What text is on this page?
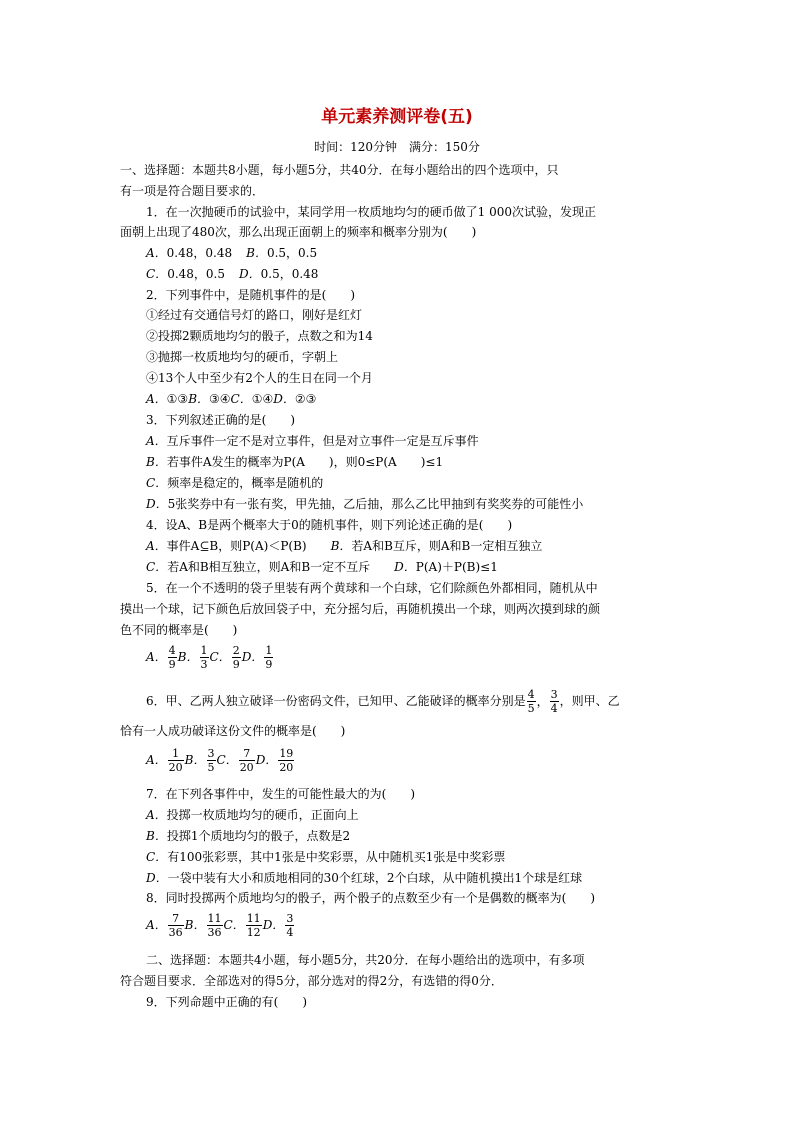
单元素养测评卷(五)
时间：120分钟　满分：150分
一、选择题：本题共8小题，每小题5分，共40分．在每小题给出的四个选项中，只
有一项是符合题目要求的．
1．在一次抛硬币的试验中，某同学用一枚质地均匀的硬币做了1 000次试验，发现正
面朝上出现了480次，那么出现正面朝上的频率和概率分别为(　　)
A．0.48，0.48 B．0.5，0.5
C．0.48，0.5 D．0.5，0.48
2．下列事件中，是随机事件的是(　　)
①经过有交通信号灯的路口，刚好是红灯
②投掷2颗质地均匀的骰子，点数之和为14
③抛掷一枚质地均匀的硬币，字朝上
④13个人中至少有2个人的生日在同一个月
A．①③B．③④C．①④D．②③
3．下列叙述正确的是(　　)
A．互斥事件一定不是对立事件，但是对立事件一定是互斥事件
B．若事件A发生的概率为P(A　　)，则0≤P(A　　)≤1
C．频率是稳定的，概率是随机的
D．5张奖券中有一张有奖，甲先抽，乙后抽，那么乙比甲抽到有奖奖券的可能性小
4．设A、B是两个概率大于0的随机事件，则下列论述正确的是(　　)
A．事件A⊆B，则P(A)＜P(B) B．若A和B互斥，则A和B一定相互独立
C．若A和B相互独立，则A和B一定不互斥 D．P(A)＋P(B)≤1
5．在一个不透明的袋子里装有两个黄球和一个白球，它们除颜色外都相同，随机从中
摸出一个球，记下颜色后放回袋子中，充分摇匀后，再随机摸出一个球，则两次摸到球的颜
色不同的概率是(　　)
A． $\frac{4}{9}$ B． $\frac{1}{3}$ C． $\frac{2}{9}$ D． $\frac{1}{9}$
6．甲、乙两人独立破译一份密码文件，已知甲、乙能破译的概率分别是 $\frac{4}{5}$ ， $\frac{3}{4}$ ，则甲、乙
恰有一人成功破译这份文件的概率是(　　)
A． $\frac{1}{20}$ B． $\frac{3}{5}$ C． $\frac{7}{20}$ D． $\frac{19}{20}$
7．在下列各事件中，发生的可能性最大的为(　　)
A．投掷一枚质地均匀的硬币，正面向上
B．投掷1个质地均匀的骰子，点数是2
C．有100张彩票，其中1张是中奖彩票，从中随机买1张是中奖彩票
D．一袋中装有大小和质地相同的30个红球，2个白球，从中随机摸出1个球是红球
8．同时投掷两个质地均匀的骰子，两个骰子的点数至少有一个是偶数的概率为(　　)
A． $\frac{7}{36}$ B． $\frac{11}{36}$ C． $\frac{11}{12}$ D． $\frac{3}{4}$
二、选择题：本题共4小题，每小题5分，共20分．在每小题给出的选项中，有多项
符合题目要求．全部选对的得5分，部分选对的得2分，有选错的得0分．
9．下列命题中正确的有(　　)
